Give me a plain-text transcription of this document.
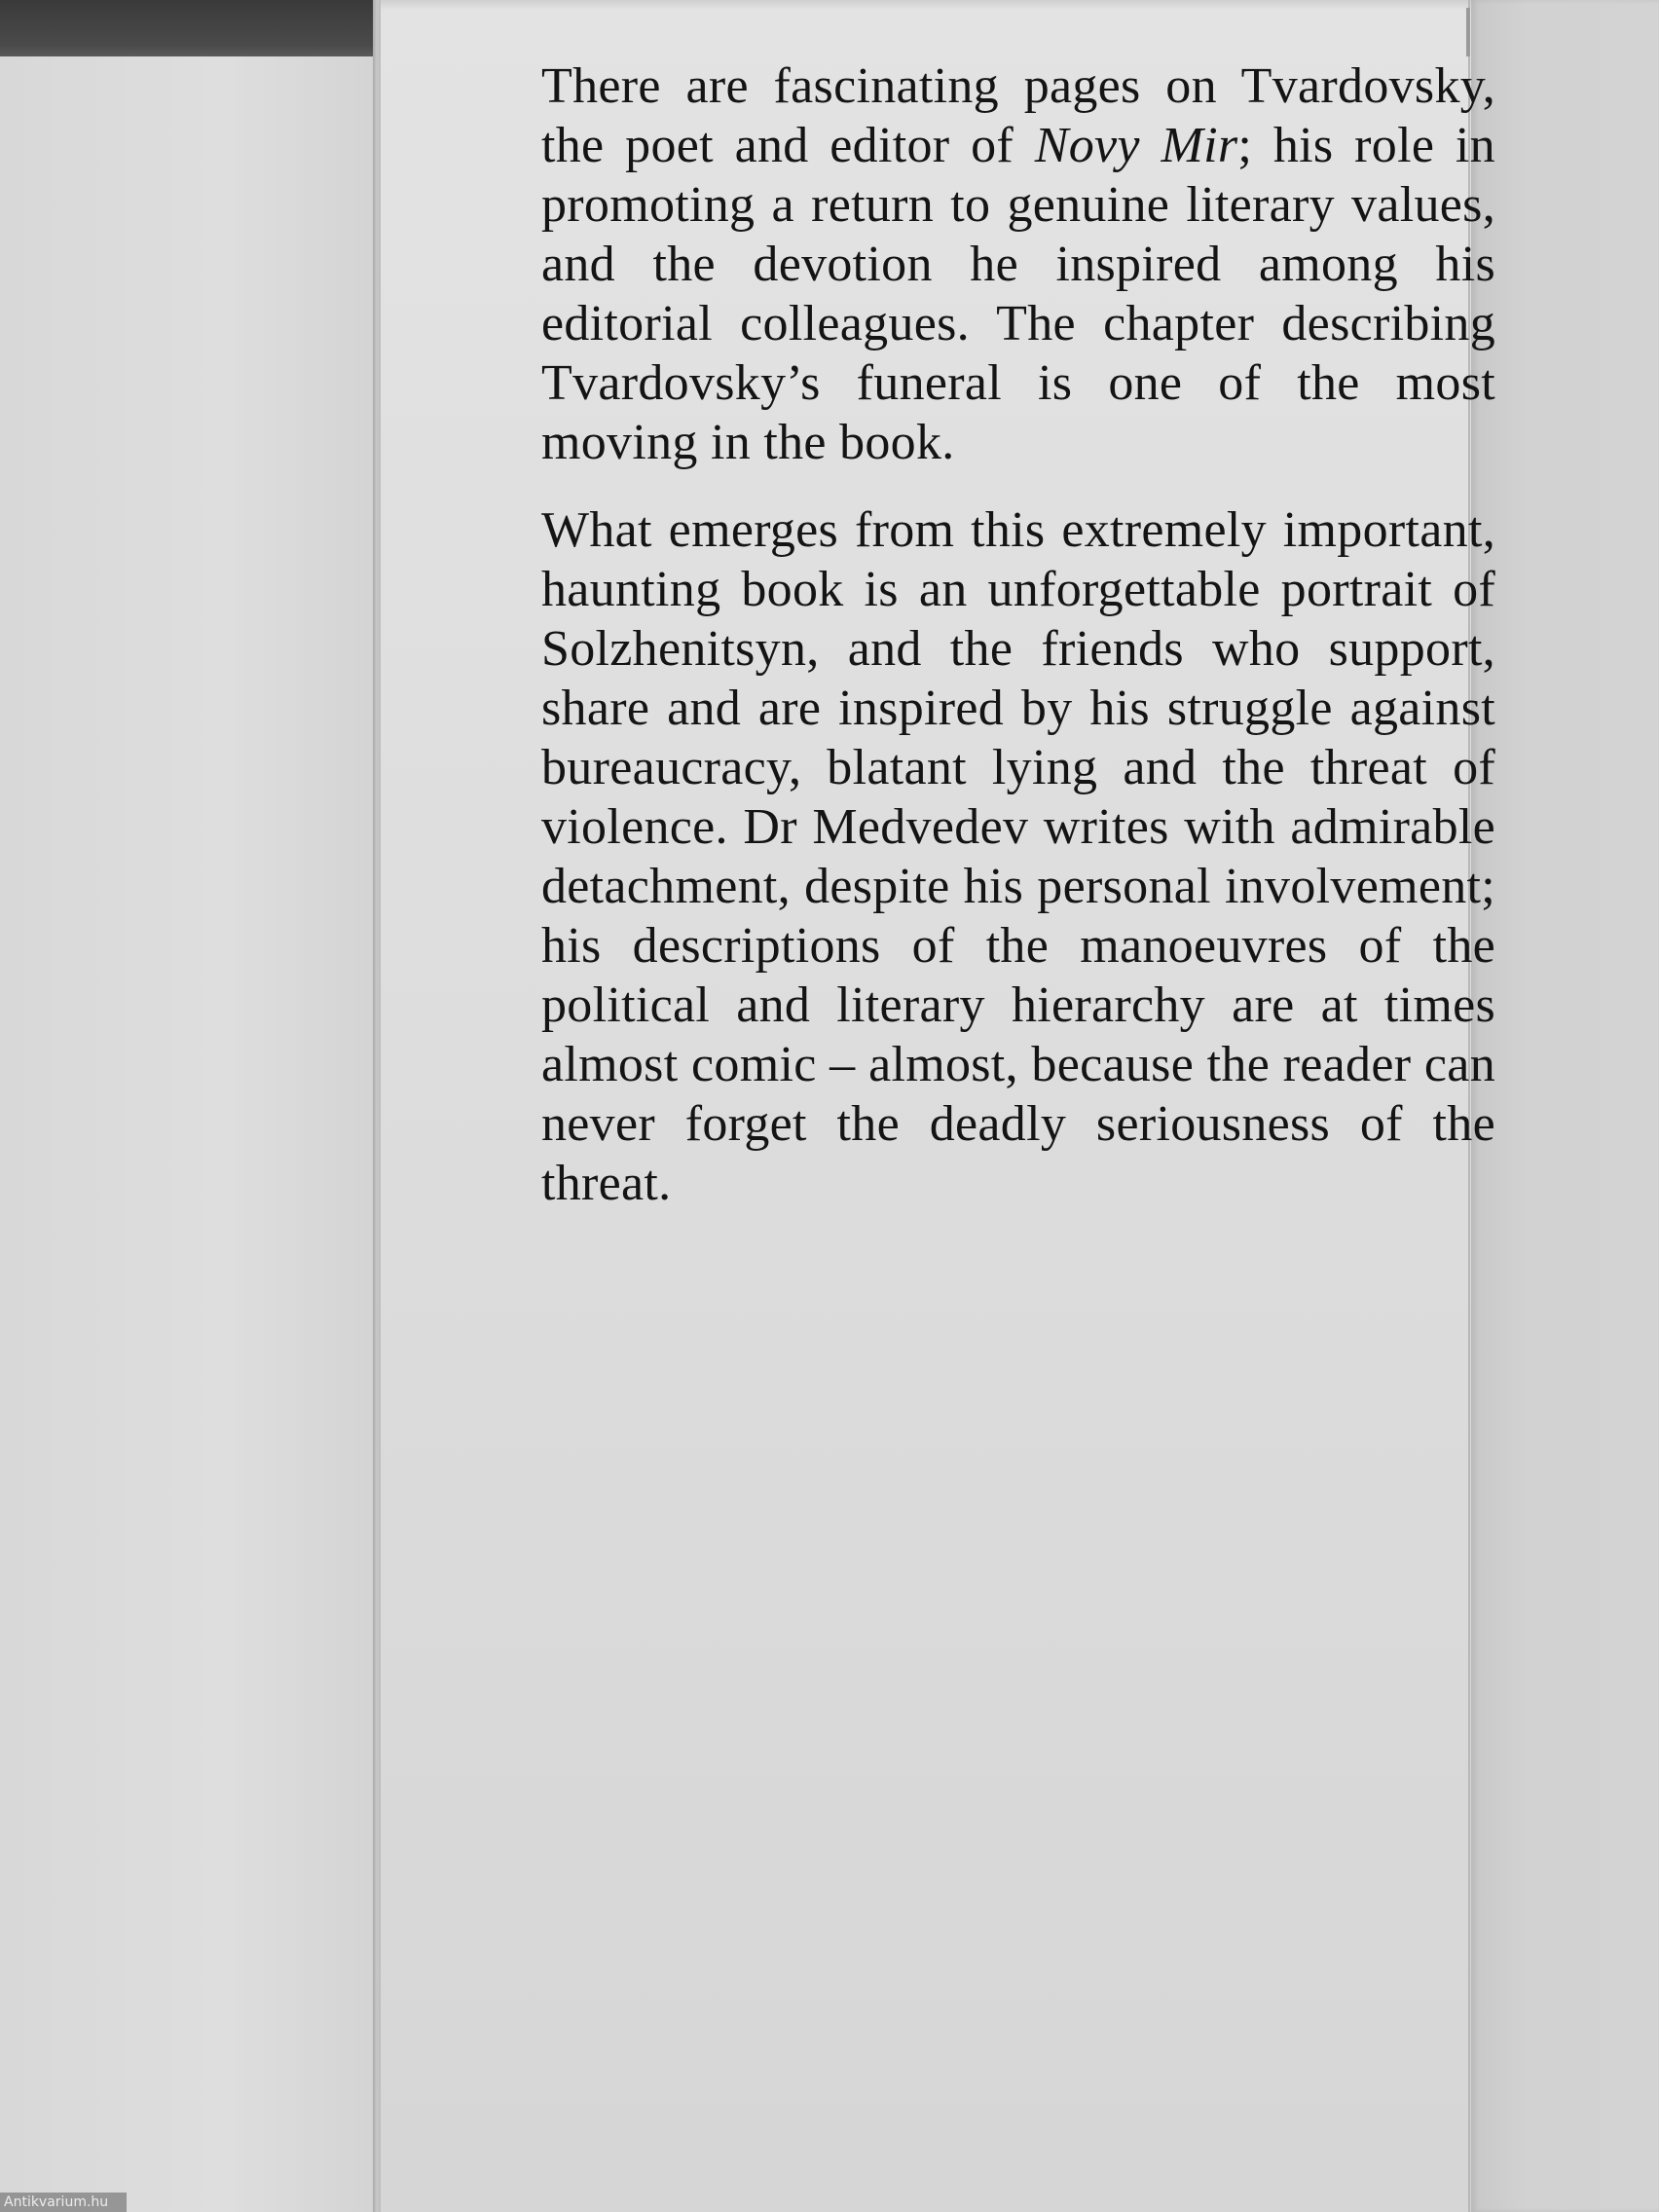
There are fascinating pages on Tvardovsky, the poet and editor of Novy Mir; his role in promoting a return to genuine literary values, and the devotion he inspired among his editorial colleagues. The chapter describing Tvardovsky’s funeral is one of the most moving in the book.

What emerges from this extremely important, haunting book is an unforgettable portrait of Solzhenitsyn, and the friends who support, share and are inspired by his struggle against bureaucracy, blatant lying and the threat of violence. Dr Medvedev writes with admirable detachment, despite his personal involvement; his descriptions of the manoeuvres of the political and literary hierarchy are at times almost comic – almost, because the reader can never forget the deadly seriousness of the threat.

Antikvarium.hu
